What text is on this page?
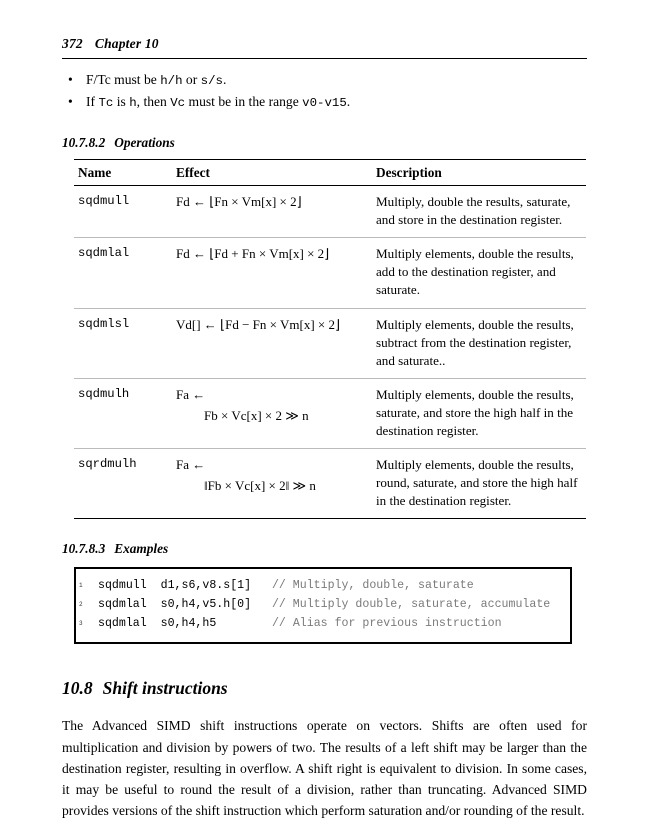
372 Chapter 10
• F/Tc must be h/h or s/s.
• If Tc is h, then Vc must be in the range v0-v15.
10.7.8.2 Operations
Name	Effect	Description
sqdmull	Fd ← ⌊Fn × Vm[x] × 2⌋	Multiply, double the results, saturate, and store in the destination register.
sqdmlal	Fd ← ⌊Fd + Fn × Vm[x] × 2⌋	Multiply elements, double the results, add to the destination register, and saturate.
sqdmlsl	Vd[] ← ⌊Fd − Fn × Vm[x] × 2⌋	Multiply elements, double the results, subtract from the destination register, and saturate..
sqdmulh	Fa ←
Fb × Vc[x] × 2 ≫ n	Multiply elements, double the results, saturate, and store the high half in the destination register.
sqrdmulh	Fa ←
‖Fb × Vc[x] × 2‖ ≫ n	Multiply elements, double the results, round, saturate, and store the high half in the destination register.
10.7.8.3 Examples
1
2
3
sqdmull  d1,s6,v8.s[1] // Multiply, double, saturate
sqdmlal  s0,h4,v5.h[0] // Multiply double, saturate, accumulate
sqdmlal  s0,h4,h5	// Alias for previous instruction
10.8 Shift instructions

The Advanced SIMD shift instructions operate on vectors. Shifts are often used for multiplication and division by powers of two. The results of a left shift may be larger than the destination register, resulting in overflow. A shift right is equivalent to division. In some cases, it may be useful to round the result of a division, rather than truncating. Advanced SIMD provides versions of the shift instruction which perform saturation and/or rounding of the result.
